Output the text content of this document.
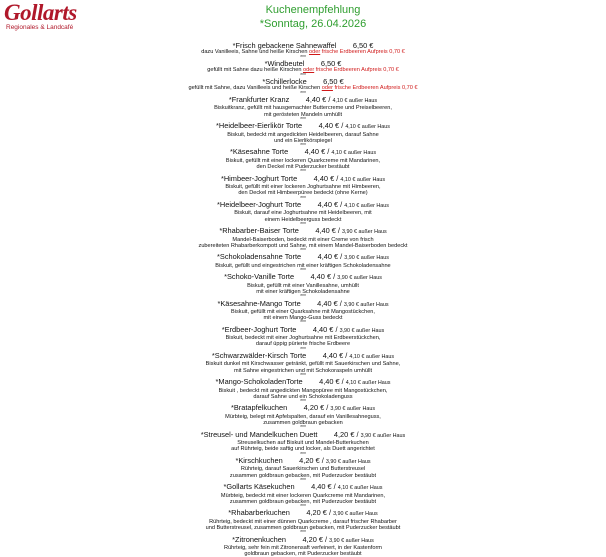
Gollarts
Regionales & Landcafé
Kuchenempfehlung
*Sonntag, 26.04.2026
*Frisch gebackene Sahnewaffel 6,50 €
dazu Vanilleeis, Sahne und heiße Kirschen oder frische Erdbeeren Aufpreis 0,70 €
***
*Windbeutel 6,50 €
gefüllt mit Sahne dazu heiße Kirschen oder frische Erdbeeren Aufpreis 0,70 €
***
*Schillerlocke 6,50 €
gefüllt mit Sahne, dazu Vanilleeis und heiße Kirschen oder frische Erdbeeren Aufpreis 0,70 €
***
*Frankfurter Kranz 4,40 € / 4,10 € außer Haus
Biskuitkranz, gefüllt mit hausgemachter Buttercreme und Preiselbeeren,
mit gerösteten Mandeln umhüllt
***
*Heidelbeer-Eierlikör Torte 4,40 € / 4,10 € außer Haus
Biskuit, bedeckt mit angedickten Heidelbeeren, darauf Sahne
und ein Eierlikörspiegel
***
*Käsesahne Torte 4,40 € / 4,10 € außer Haus
Biskuit, gefüllt mit einer lockeren Quarkcreme mit Mandarinen,
den Deckel mit Puderzucker bestäubt
***
*Himbeer-Joghurt Torte 4,40 € / 4,10 € außer Haus
Biskuit, gefüllt mit einer lockeren Joghurtsahne mit Himbeeren,
den Deckel mit Himbeerpüree bedeckt (ohne Kerne)
***
*Heidelbeer-Joghurt Torte 4,40 € / 4,10 € außer Haus
Biskuit, darauf eine Joghurtsahne mit Heidelbeeren, mit
einem Heidelbeerguss bedeckt
***
*Rhabarber-Baiser Torte 4,40 € / 3,90 € außer Haus
Mandel-Baiserboden, bedeckt mit einer Creme von frisch
zubereiteten Rhabarberkompott und Sahne, mit einem Mandel-Baiserboden bedeckt
***
*Schokoladensahne Torte 4,40 € / 3,90 € außer Haus
Biskuit, gefüllt und eingestrichen mit einer kräftigen Schokoladensahne
***
*Schoko-Vanille Torte 4,40 € / 3,90 € außer Haus
Biskuit, gefüllt mit einer Vanillesahne, umhüllt
mit einer kräftigen Schokoladensahne
***
*Käsesahne-Mango Torte 4,40 € / 3,90 € außer Haus
Biskuit, gefüllt mit einer Quarksahne mit Mangostückchen,
mit einem Mango-Guss bedeckt
***
*Erdbeer-Joghurt Torte 4,40 € / 3,90 € außer Haus
Biskuit, bedeckt mit einer Joghurtsahne mit Erdbeerstückchen,
darauf üppig pürierte frische Erdbeere
***
*Schwarzwälder-Kirsch Torte 4,40 € / 4,10 € außer Haus
Biskuit dunkel mit Kirschwasser getränkt, gefüllt mit Sauerkirschen und Sahne,
mit Sahne eingestrichen und mit Schokoraspeln umhüllt
***
*Mango-SchokoladenTorte 4,40 € / 4,10 € außer Haus
Biskuit , bedeckt mit angedickten Mangopüree mit Mangostückchen,
darauf Sahne und ein Schokoladenguss
***
*Bratapfelkuchen 4,20 € / 3,90 € außer Haus
Mürbteig, belegt mit Apfelspalten, darauf ein Vanillesahneguss,
zusammen goldbraun gebacken
***
*Streusel- und Mandelkuchen Duett 4,20 € / 3,90 € außer Haus
Streuselkuchen auf Biskuit und Mandel-Butterkuchen
auf Rührteig, beide saftig und locker, als Duett angerichtet
***
*Kirschkuchen 4,20 € / 3,90 € außer Haus
Rührteig, darauf Sauerkirschen und Butterstreusel
zusammen goldbraun gebacken, mit Puderzucker bestäubt
***
*Gollarts Käsekuchen 4,40 € / 4,10 € außer Haus
Mürbteig, bedeckt mit einer lockeren Quarkcreme mit Mandarinen,
zusammen goldbraun gebacken, mit Puderzucker bestäubt
***
*Rhabarberkuchen 4,20 € / 3,90 € außer Haus
Rührteig, bedeckt mit einer dünnen Quarkcreme , darauf frischer Rhabarber
und Butterstreusel, zusammen goldbraun gebacken, mit Puderzucker bestäubt
***
*Zitronenkuchen 4,20 € / 3,90 € außer Haus
Rührteig, sehr fein mit Zitronensaft verfeinert, in der Kastenform
goldbraun gebacken, mit Puderzucker bestäubt
